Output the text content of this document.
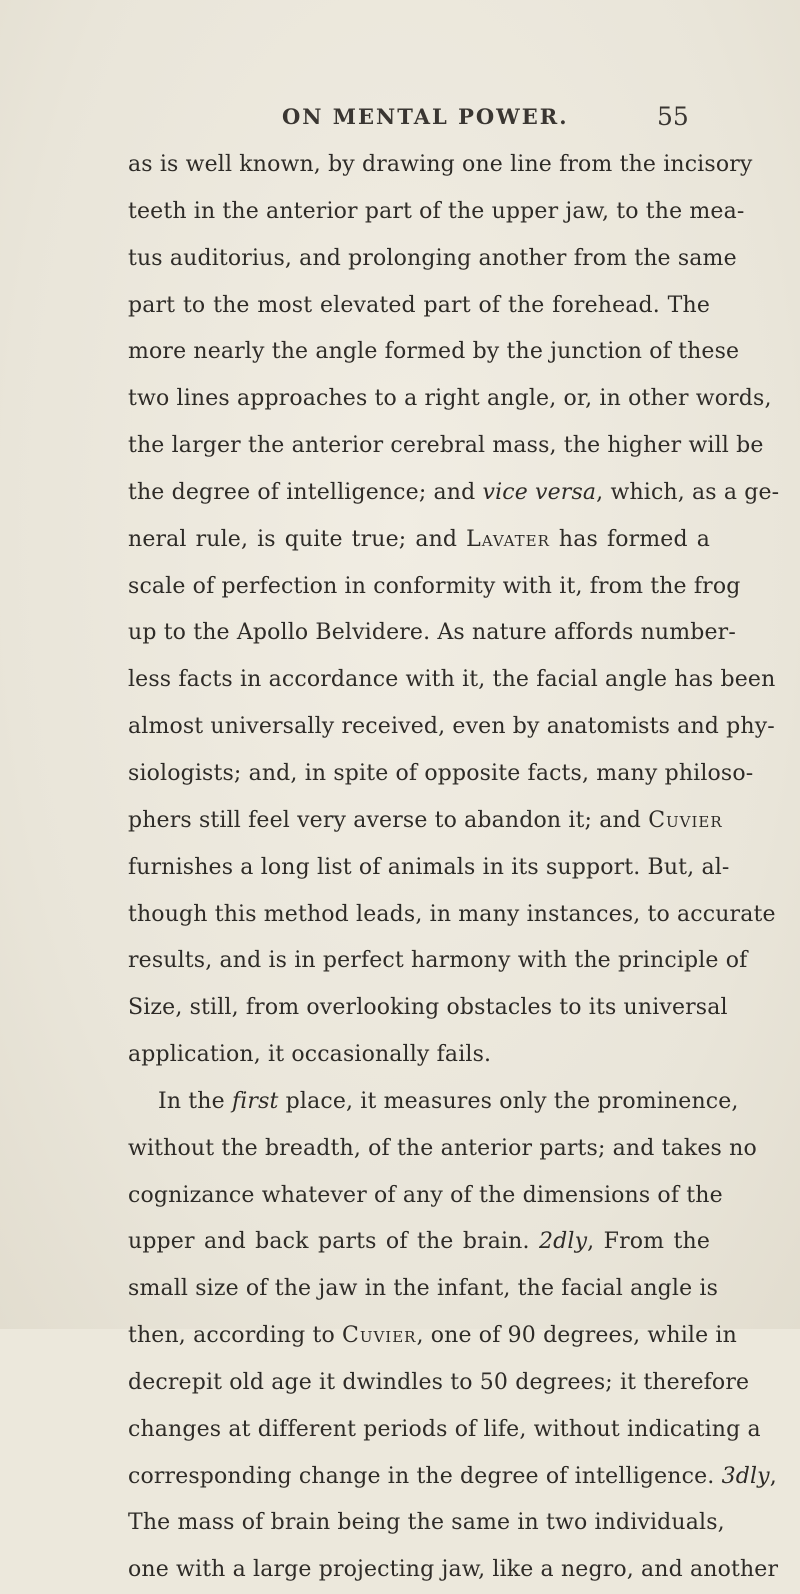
ON MENTAL POWER.	55
as is well known, by drawing one line from the incisory
teeth in the anterior part of the upper jaw, to the mea-
tus auditorius, and prolonging another from the same
part to the most elevated part of the forehead. The
more nearly the angle formed by the junction of these
two lines approaches to a right angle, or, in other words,
the larger the anterior cerebral mass, the higher will be
the degree of intelligence; and vice versa, which, as a ge-
neral rule, is quite true; and Lavater has formed a
scale of perfection in conformity with it, from the frog
up to the Apollo Belvidere. As nature affords number-
less facts in accordance with it, the facial angle has been
almost universally received, even by anatomists and phy-
siologists; and, in spite of opposite facts, many philoso-
phers still feel very averse to abandon it; and Cuvier
furnishes a long list of animals in its support. But, al-
though this method leads, in many instances, to accurate
results, and is in perfect harmony with the principle of
Size, still, from overlooking obstacles to its universal
application, it occasionally fails.
In the first place, it measures only the prominence,
without the breadth, of the anterior parts; and takes no
cognizance whatever of any of the dimensions of the
upper and back parts of the brain. 2dly, From the
small size of the jaw in the infant, the facial angle is
then, according to Cuvier, one of 90 degrees, while in
decrepit old age it dwindles to 50 degrees; it therefore
changes at different periods of life, without indicating a
corresponding change in the degree of intelligence. 3dly,
The mass of brain being the same in two individuals,
one with a large projecting jaw, like a negro, and another
